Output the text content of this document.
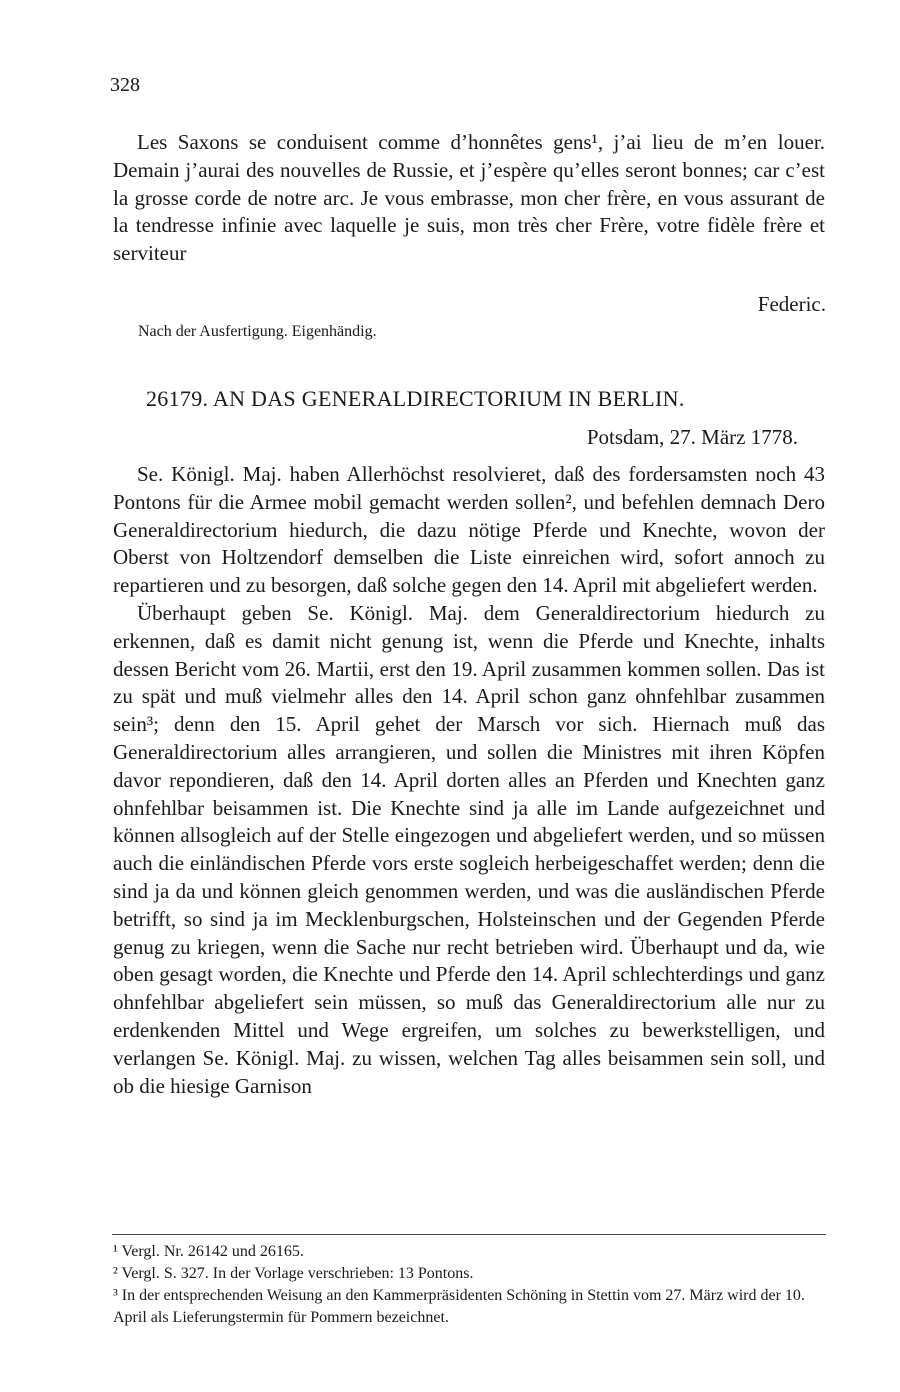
328

Les Saxons se conduisent comme d’honnêtes gens¹, j’ai lieu de m’en louer. Demain j’aurai des nouvelles de Russie, et j’espère qu’elles seront bonnes; car c’est la grosse corde de notre arc. Je vous embrasse, mon cher frère, en vous assurant de la tendresse infinie avec laquelle je suis, mon très cher Frère, votre fidèle frère et serviteur

Federic.
Nach der Ausfertigung. Eigenhändig.
26179. AN DAS GENERALDIRECTORIUM IN BERLIN.
Potsdam, 27. März 1778.

Se. Königl. Maj. haben Allerhöchst resolvieret, daß des fordersamsten noch 43 Pontons für die Armee mobil gemacht werden sollen², und befehlen demnach Dero Generaldirectorium hiedurch, die dazu nötige Pferde und Knechte, wovon der Oberst von Holtzendorf demselben die Liste einreichen wird, sofort annoch zu repartieren und zu besorgen, daß solche gegen den 14. April mit abgeliefert werden.

Überhaupt geben Se. Königl. Maj. dem Generaldirectorium hiedurch zu erkennen, daß es damit nicht genung ist, wenn die Pferde und Knechte, inhalts dessen Bericht vom 26. Martii, erst den 19. April zusammen kommen sollen. Das ist zu spät und muß vielmehr alles den 14. April schon ganz ohnfehlbar zusammen sein³; denn den 15. April gehet der Marsch vor sich. Hiernach muß das Generaldirectorium alles arrangieren, und sollen die Ministres mit ihren Köpfen davor repondieren, daß den 14. April dorten alles an Pferden und Knechten ganz ohnfehlbar beisammen ist. Die Knechte sind ja alle im Lande aufgezeichnet und können allsogleich auf der Stelle eingezogen und abgeliefert werden, und so müssen auch die einländischen Pferde vors erste sogleich herbeigeschaffet werden; denn die sind ja da und können gleich genommen werden, und was die ausländischen Pferde betrifft, so sind ja im Mecklenburgschen, Holsteinschen und der Gegenden Pferde genug zu kriegen, wenn die Sache nur recht betrieben wird. Überhaupt und da, wie oben gesagt worden, die Knechte und Pferde den 14. April schlechterdings und ganz ohnfehlbar abgeliefert sein müssen, so muß das Generaldirectorium alle nur zu erdenkenden Mittel und Wege ergreifen, um solches zu bewerkstelligen, und verlangen Se. Königl. Maj. zu wissen, welchen Tag alles beisammen sein soll, und ob die hiesige Garnison

¹ Vergl. Nr. 26142 und 26165.

² Vergl. S. 327. In der Vorlage verschrieben: 13 Pontons.

³ In der entsprechenden Weisung an den Kammerpräsidenten Schöning in Stettin vom 27. März wird der 10. April als Lieferungstermin für Pommern bezeichnet.
